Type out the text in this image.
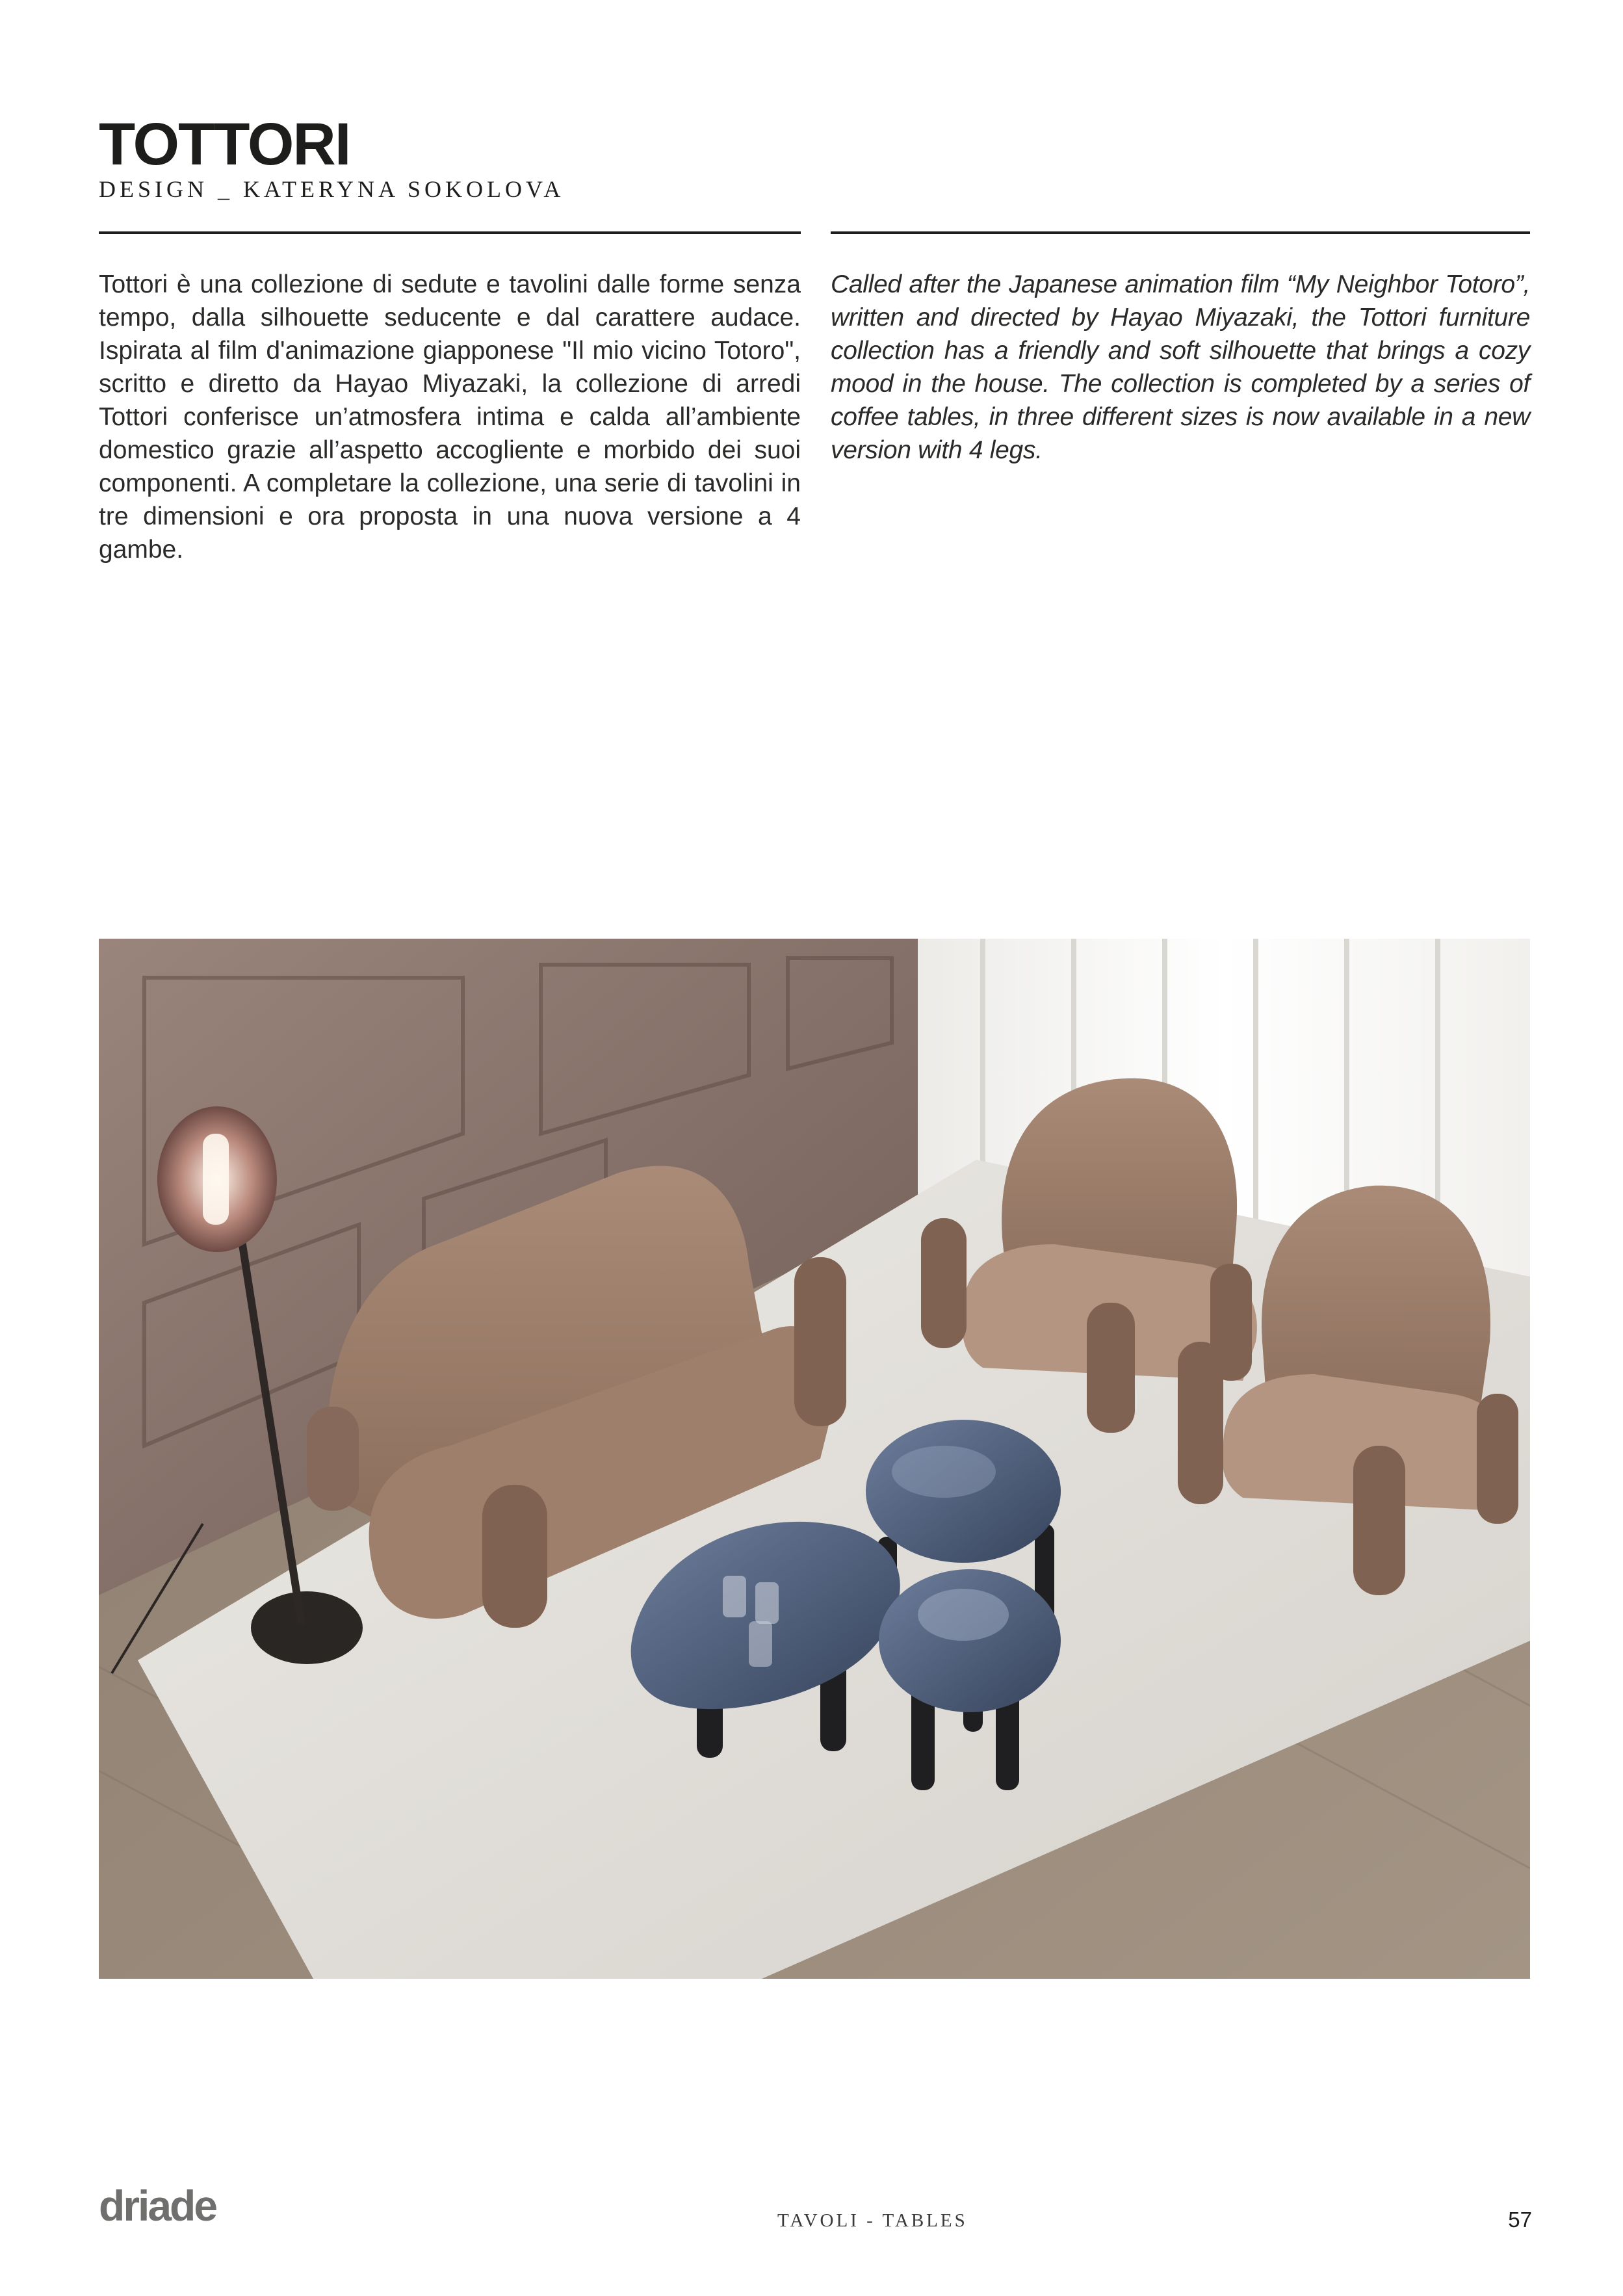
TOTTORI
DESIGN _ KATERYNA SOKOLOVA

Tottori è una collezione di sedute e tavolini dalle forme senza tempo, dalla silhouette seducente e dal carattere audace. Ispirata al film d'animazione giapponese "Il mio vicino Totoro", scritto e diretto da Hayao Miyazaki, la collezione di arredi Tottori conferisce un’atmosfera intima e calda all’ambiente domestico grazie all’aspetto accogliente e morbido dei suoi componenti. A completare la collezione, una serie di tavolini in tre dimensioni e ora proposta in una nuova versione a 4 gambe.

Called after the Japanese animation film “My Neighbor Totoro”, written and directed by Hayao Miyazaki, the Tottori furniture collection has a friendly and soft silhouette that brings a cozy mood in the house. The collection is completed by a series of coffee tables, in three different sizes is now available in a new version with 4 legs.

driade	TAVOLI - TABLES	57
